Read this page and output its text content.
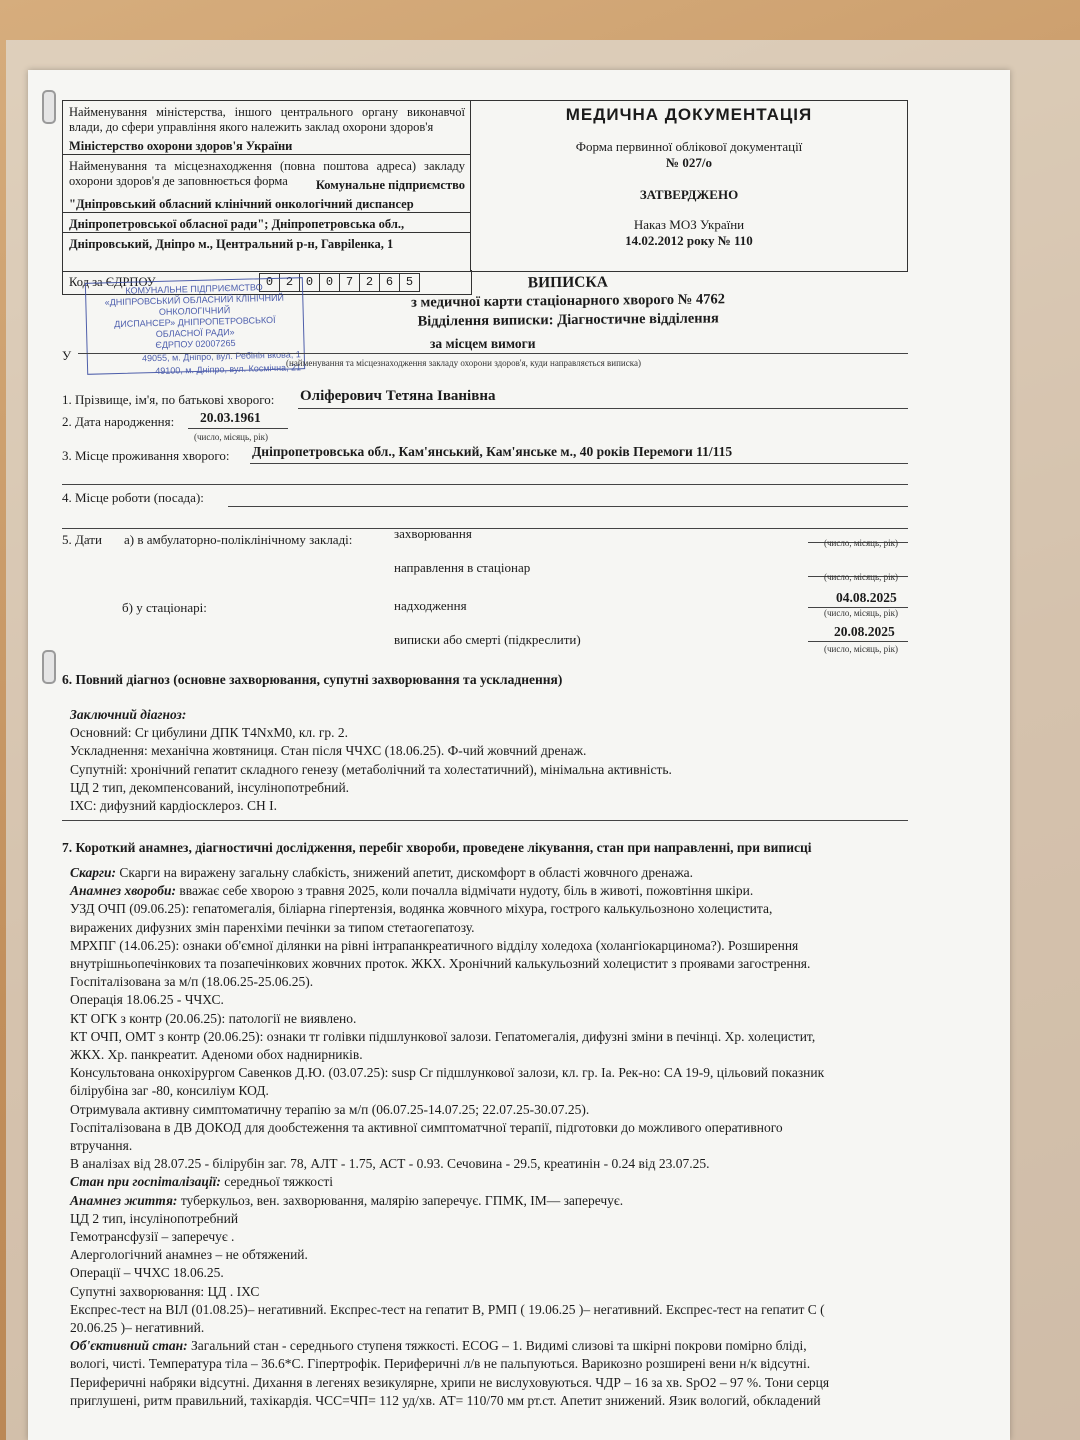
Найменування міністерства, іншого центрального органу виконавчої влади, до сфери управління якого належить заклад охорони здоров'я
Міністерство охорони здоров'я України
Найменування та місцезнаходження (повна поштова адреса) закладу охорони здоров'я де заповнюється форма	Комунальне підприємство
"Дніпровський обласний клінічний онкологічний диспансер
Дніпропетровської обласної ради"; Дніпропетровська обл.,
Дніпровський, Дніпро м., Центральний р-н, Гаврilенка, 1
МЕДИЧНА ДОКУМЕНТАЦІЯ
Форма первинної облікової документації
№ 027/о
ЗАТВЕРДЖЕНО
Наказ МОЗ України
14.02.2012 року № 110
Код за ЄДРПОУ	0	2	0	0	7	2	6	5
КОМУНАЛЬНЕ ПІДПРИЄМСТВО
«ДНІПРОВСЬКИЙ ОБЛАСНИЙ КЛІНІЧНИЙ ОНКОЛОГІЧНИЙ
ДИСПАНСЕР» ДНІПРОПЕТРОВСЬКОЇ ОБЛАСНОЇ РАДИ»
ЄДРПОУ 02007265
49055, м. Дніпро, вул. Ребінія вкова, 1
49100, м. Дніпро, вул. Космічна, 21
ВИПИСКА
з медичної карти стаціонарного хворого № 4762
Відділення виписки: Діагностичне відділення
У
за місцем вимоги
(найменування та місцезнаходження закладу охорони здоров'я, куди направляється виписка)
1. Прізвище, ім'я, по батькові хворого: Оліферович Тетяна Іванівна
2. Дата народження: 20.03.1961
(число, місяць, рік)
3. Місце проживання хворого: Дніпропетровська обл., Кам'янський, Кам'янське м., 40 років Перемоги 11/115
4. Місце роботи (посада):
5. Дати а) в амбулаторно-поліклінічному закладі:	захворювання
(число, місяць, рік)
направлення в стаціонар
(число, місяць, рік)
б) у стаціонарі:	надходження
04.08.2025
(число, місяць, рік)
виписки або смерті (підкреслити)
20.08.2025
(число, місяць, рік)
6. Повний діагноз (основне захворювання, супутні захворювання та ускладнення)
Заключний діагноз:
Основний: Cr цибулини ДПК T4NxM0, кл. гр. 2.
Ускладнення: механічна жовтяниця. Стан після ЧЧХС (18.06.25). Ф-чий жовчний дренаж.
Супутній: хронічний гепатит складного генезу (метаболічний та холестатичний), мінімальна активність.
ЦД 2 тип, декомпенсований, інсулінопотребний.
ІХС: дифузний кардіосклероз. СН І.
7. Короткий анамнез, діагностичні дослідження, перебіг хвороби, проведене лікування, стан при направленні, при виписці
Скарги: Скарги на виражену загальну слабкість, знижений апетит, дискомфорт в області жовчного дренажа.
Анамнез хвороби: вважає себе хворою з травня 2025, коли почалла відмічати нудоту, біль в животі, пожовтіння шкіри.
УЗД ОЧП (09.06.25): гепатомегалія, біліарна гіпертензія, водянка жовчного міхура, гострого калькульозноно холецистита,
виражених дифузних змін паренхіми печінки за типом стетаогепатозу.
МРХПГ (14.06.25): ознаки об'ємної ділянки на рівні інтрапанкреатичного відділу холедоха (холангіокарцинома?). Розширення
внутрішньопечінкових та позапечінкових жовчних проток. ЖКХ. Хронічний калькульозний холецистит з проявами загострення.
Госпіталізована за м/п (18.06.25-25.06.25).
Операція 18.06.25 - ЧЧХС.
КТ ОГК з контр (20.06.25): патології не виявлено.
КТ ОЧП, ОМТ з контр (20.06.25): ознаки тr голівки підшлункової залози. Гепатомегалія, дифузні зміни в печінці. Хр. холецистит,
ЖКХ. Хр. панкреатит. Аденоми обох наднирників.
Консультована онкохірургом Савенков Д.Ю. (03.07.25): susp Cr підшлункової залози, кл. гр. Іа. Рек-но: CA 19-9, цільовий показник
білірубіна заг -80, консиліум КОД.
Отримувала активну симптоматичну терапію за м/п (06.07.25-14.07.25; 22.07.25-30.07.25).
Госпіталізована в ДВ ДОКОД для дообстеження та активної симптоматчної терапії, підготовки до можливого оперативного
втручання.
В аналізах від 28.07.25 - білірубін заг. 78, АЛТ - 1.75, АСТ - 0.93. Сечовина - 29.5, креатинін - 0.24 від 23.07.25.
Стан при госпіталізації: середньої тяжкості
Анамнез життя: туберкульоз, вен. захворювання, малярію заперечує. ГПМК, ІМ— заперечує.
ЦД 2 тип, інсулінопотребний
Гемотрансфузії – заперечує .
Алергологічний анамнез – не обтяжений.
Операції – ЧЧХС 18.06.25.
Супутні захворювання: ЦД . ІХС
Експрес-тест на ВІЛ (01.08.25)– негативний. Експрес-тест на гепатит В, РМП ( 19.06.25 )– негативний. Експрес-тест на гепатит С (
20.06.25 )– негативний.
Об'єктивний стан: Загальний стан - середнього ступеня тяжкості. ECOG – 1. Видимі слизові та шкірні покрови помірно бліді,
вологі, чисті. Температура тіла – 36.6*С. Гіпертрофік. Периферичні л/в не пальпуються. Варикозно розширені вени н/к відсутні.
Периферичні набряки відсутні. Дихання в легенях везикулярне, хрипи не вислуховуються. ЧДР – 16 за хв. SpO2 – 97 %. Тони серця
приглушені, ритм правильний, тахікардія. ЧСС=ЧП= 112 уд/хв. АТ= 110/70 мм рт.ст. Апетит знижений. Язик вологий, обкладений
